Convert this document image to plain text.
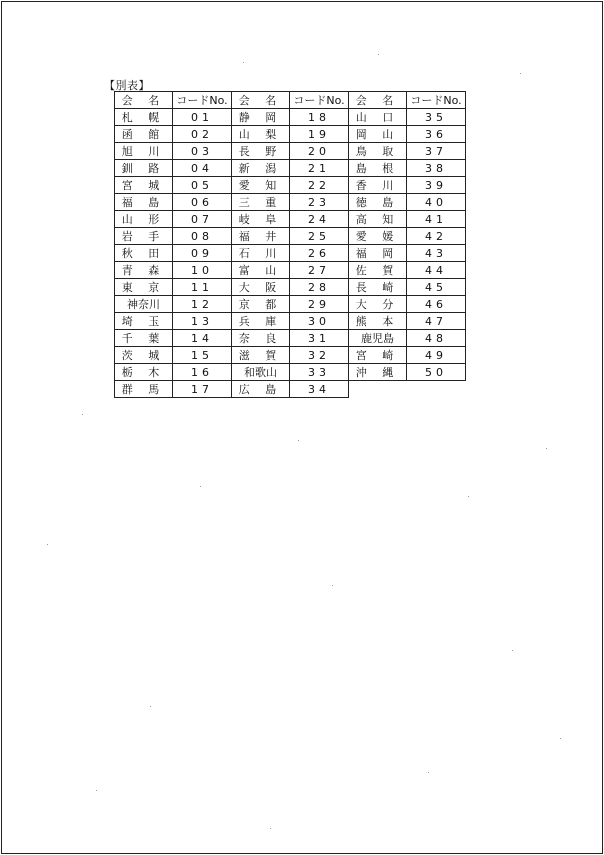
【別表】
会 名	コードNo.	会 名	コードNo.	会 名	コードNo.
札 幌	01	静 岡	18	山 口	35
函 館	02	山 梨	19	岡 山	36
旭 川	03	長 野	20	鳥 取	37
釧 路	04	新 潟	21	島 根	38
宮 城	05	愛 知	22	香 川	39
福 島	06	三 重	23	徳 島	40
山 形	07	岐 阜	24	高 知	41
岩 手	08	福 井	25	愛 媛	42
秋 田	09	石 川	26	福 岡	43
青 森	10	富 山	27	佐 賀	44
東 京	11	大 阪	28	長 崎	45
神奈川	12	京 都	29	大 分	46
埼 玉	13	兵 庫	30	熊 本	47
千 葉	14	奈 良	31	鹿児島	48
茨 城	15	滋 賀	32	宮 崎	49
栃 木	16	和歌山	33	沖 縄	50
群 馬	17	広 島	34		
